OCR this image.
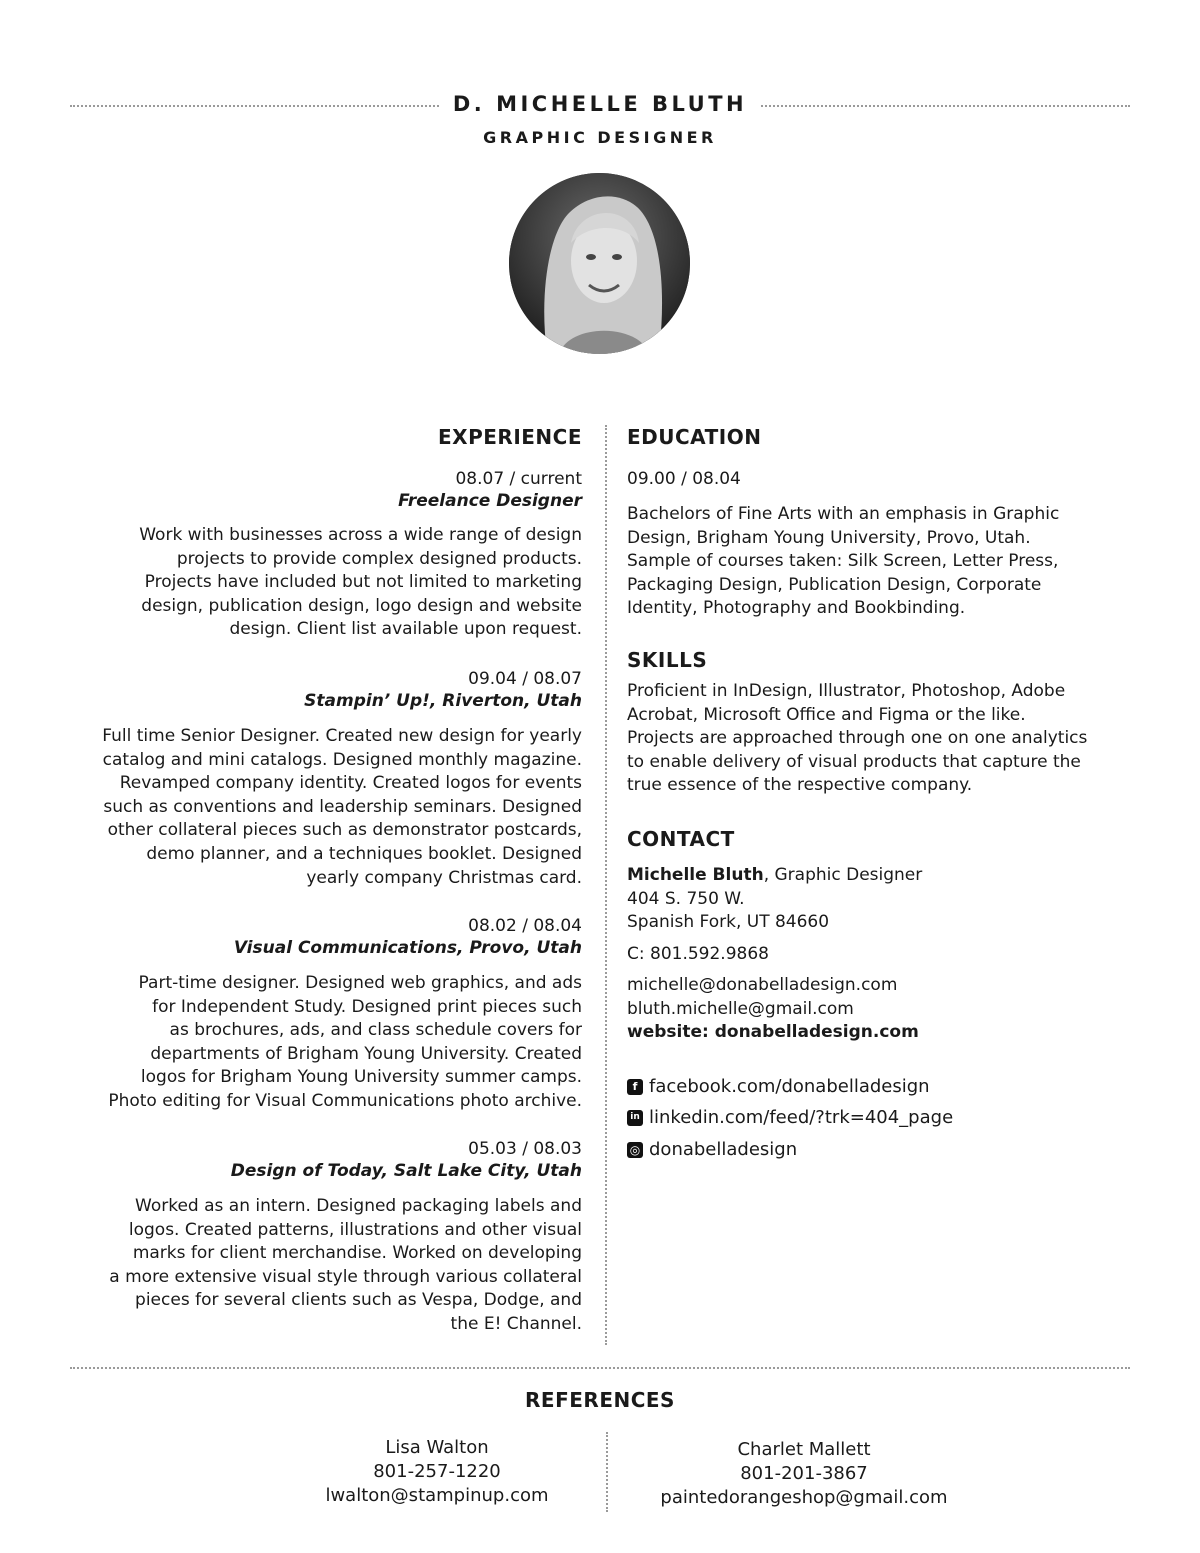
D. MICHELLE BLUTH
GRAPHIC DESIGNER
EXPERIENCE
08.07 / current
Freelance Designer
Work with businesses across a wide range of design
projects to provide complex designed products.
Projects have included but not limited to marketing
design, publication design, logo design and website
design. Client list available upon request.
09.04 / 08.07
Stampin’ Up!, Riverton, Utah
Full time Senior Designer. Created new design for yearly
catalog and mini catalogs. Designed monthly magazine.
Revamped company identity. Created logos for events
such as conventions and leadership seminars. Designed
other collateral pieces such as demonstrator postcards,
demo planner, and a techniques booklet. Designed
yearly company Christmas card.
08.02 / 08.04
Visual Communications, Provo, Utah
Part-time designer. Designed web graphics, and ads
for Independent Study. Designed print pieces such
as brochures, ads, and class schedule covers for
departments of Brigham Young University. Created
logos for Brigham Young University summer camps.
Photo editing for Visual Communications photo archive.
05.03 / 08.03
Design of Today, Salt Lake City, Utah
Worked as an intern. Designed packaging labels and
logos. Created patterns, illustrations and other visual
marks for client merchandise. Worked on developing
a more extensive visual style through various collateral
pieces for several clients such as Vespa, Dodge, and
the E! Channel.
EDUCATION
09.00 / 08.04
Bachelors of Fine Arts with an emphasis in Graphic
Design, Brigham Young University, Provo, Utah.
Sample of courses taken: Silk Screen, Letter Press,
Packaging Design, Publication Design, Corporate
Identity, Photography and Bookbinding.
SKILLS
Proficient in InDesign, Illustrator, Photoshop, Adobe
Acrobat, Microsoft Office and Figma or the like.
Projects are approached through one on one analytics
to enable delivery of visual products that capture the
true essence of the respective company.
CONTACT
Michelle Bluth, Graphic Designer
404 S. 750 W.
Spanish Fork, UT 84660
C: 801.592.9868
michelle@donabelladesign.com
bluth.michelle@gmail.com
website: donabelladesign.com
f facebook.com/donabelladesign
in linkedin.com/feed/?trk=404_page
◎ donabelladesign
REFERENCES
Lisa Walton
801-257-1220
lwalton@stampinup.com
Charlet Mallett
801-201-3867
paintedorangeshop@gmail.com
